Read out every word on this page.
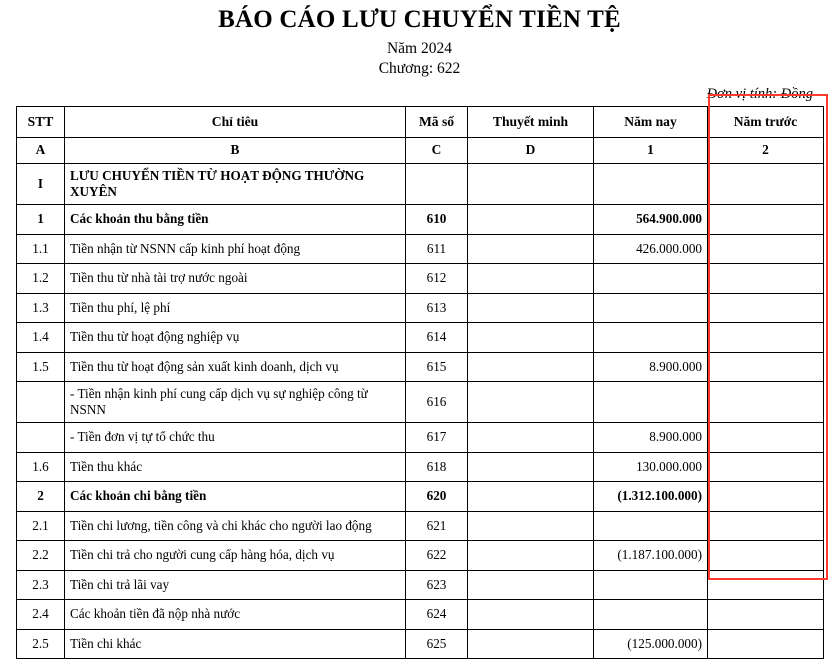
BÁO CÁO LƯU CHUYỂN TIỀN TỆ
Năm 2024
Chương: 622
Đơn vị tính: Đồng
STT	Chỉ tiêu	Mã số	Thuyết minh	Năm nay	Năm trước
A	B	C	D	1	2
I	LƯU CHUYỂN TIỀN TỪ HOẠT ĐỘNG THƯỜNG XUYÊN				
1	Các khoản thu bằng tiền	610		564.900.000	
1.1	Tiền nhận từ NSNN cấp kinh phí hoạt động	611		426.000.000	
1.2	Tiền thu từ nhà tài trợ nước ngoài	612			
1.3	Tiền thu phí, lệ phí	613			
1.4	Tiền thu từ hoạt động nghiệp vụ	614			
1.5	Tiền thu từ hoạt động sản xuất kinh doanh, dịch vụ	615		8.900.000	
	- Tiền nhận kinh phí cung cấp dịch vụ sự nghiệp công từ NSNN	616			
	- Tiền đơn vị tự tổ chức thu	617		8.900.000	
1.6	Tiền thu khác	618		130.000.000	
2	Các khoản chi bằng tiền	620		(1.312.100.000)	
2.1	Tiền chi lương, tiền công và chi khác cho người lao động	621			
2.2	Tiền chi trả cho người cung cấp hàng hóa, dịch vụ	622		(1.187.100.000)	
2.3	Tiền chi trả lãi vay	623			
2.4	Các khoản tiền đã nộp nhà nước	624			
2.5	Tiền chi khác	625		(125.000.000)	
